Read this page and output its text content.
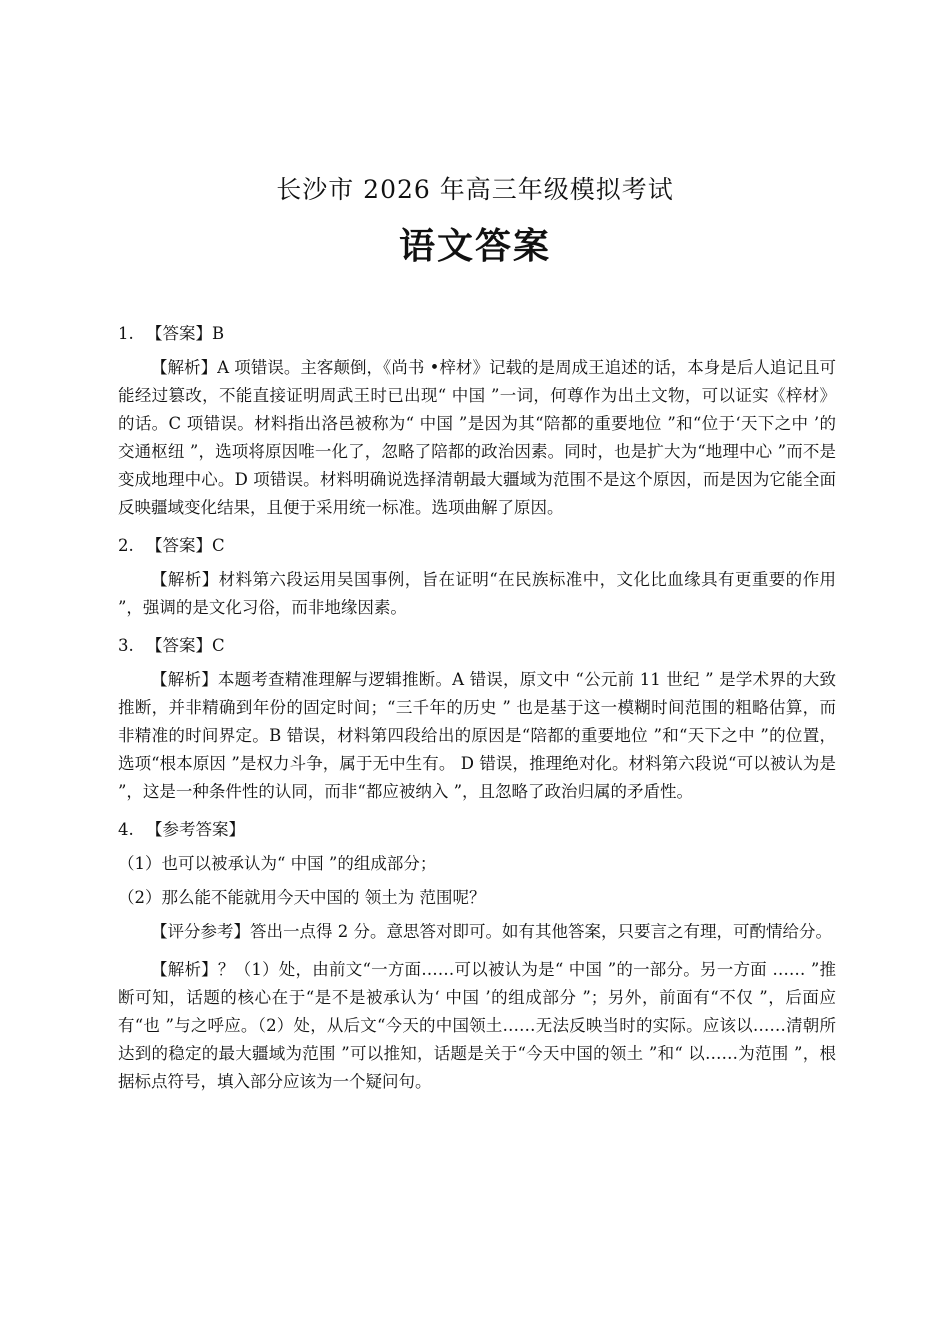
长沙市 2026 年高三年级模拟考试
语文答案
1. 【答案】B
【解析】A 项错误。主客颠倒，《尚书 •梓材》记载的是周成王追述的话，本身是后人追记且可能经过篡改，不能直接证明周武王时已出现“ 中国 ”一词，何尊作为出土文物，可以证实《梓材》的话。C 项错误。材料指出洛邑被称为“ 中国 ”是因为其“陪都的重要地位 ”和“位于‘天下之中 ’的交通枢纽 ”，选项将原因唯一化了，忽略了陪都的政治因素。同时，也是扩大为“地理中心 ”而不是变成地理中心。D 项错误。材料明确说选择清朝最大疆域为范围不是这个原因，而是因为它能全面反映疆域变化结果，且便于采用统一标准。选项曲解了原因。
2. 【答案】C
【解析】材料第六段运用吴国事例，旨在证明“在民族标准中，文化比血缘具有更重要的作用 ”，强调的是文化习俗，而非地缘因素。
3. 【答案】C
【解析】本题考查精准理解与逻辑推断。A 错误，原文中 “公元前 11 世纪 ” 是学术界的大致推断，并非精确到年份的固定时间；“三千年的历史 ” 也是基于这一模糊时间范围的粗略估算，而非精准的时间界定。B 错误，材料第四段给出的原因是“陪都的重要地位 ”和“天下之中 ”的位置，选项“根本原因 ”是权力斗争，属于无中生有。 D 错误，推理绝对化。材料第六段说“可以被认为是 ”，这是一种条件性的认同，而非“都应被纳入 ”，且忽略了政治归属的矛盾性。
4. 【参考答案】
（1）也可以被承认为“ 中国 ”的组成部分；
（2）那么能不能就用今天中国的 领土为 范围呢？
【评分参考】答出一点得 2 分。意思答对即可。如有其他答案，只要言之有理，可酌情给分。
【解析】？（1）处，由前文“一方面……可以被认为是“ 中国 ”的一部分。另一方面 …… ”推断可知，话题的核心在于“是不是被承认为‘ 中国 ’的组成部分 ”；另外，前面有“不仅 ”，后面应有“也 ”与之呼应。（2）处，从后文“今天的中国领土……无法反映当时的实际。应该以……清朝所达到的稳定的最大疆域为范围 ”可以推知，话题是关于“今天中国的领土 ”和“ 以……为范围 ”，根据标点符号，填入部分应该为一个疑问句。
